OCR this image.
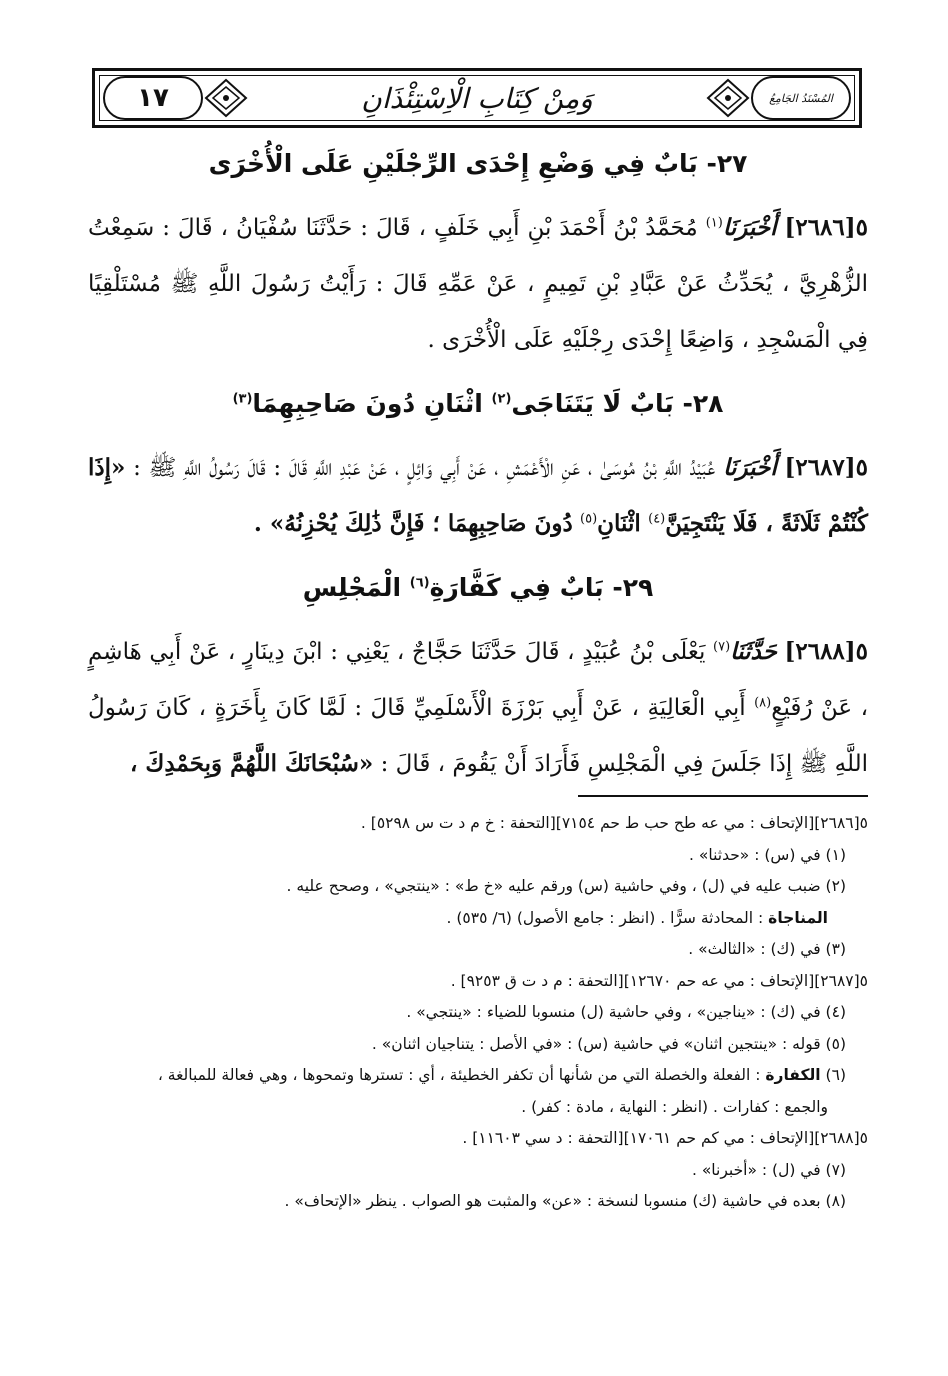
١٧	وَمِنْ كِتَابِ الْاِسْتِئْذَانِ	المُسْنَدُ الجَامِعُ
٢٧- بَابٌ فِي وَضْعِ إِحْدَى الرِّجْلَيْنِ عَلَى الْأُخْرَى

٥[٢٦٨٦] أَخْبَرَنَا$^{(١)}$ مُحَمَّدُ بْنُ أَحْمَدَ بْنِ أَبِي خَلَفٍ ، قَالَ : حَدَّثَنَا سُفْيَانُ ، قَالَ : سَمِعْتُ الزُّهْرِيَّ ، يُحَدِّثُ عَنْ عَبَّادِ بْنِ تَمِيمٍ ، عَنْ عَمِّهِ قَالَ : رَأَيْتُ رَسُولَ اللَّهِ ﷺ مُسْتَلْقِيًا فِي الْمَسْجِدِ ، وَاضِعًا إِحْدَى رِجْلَيْهِ عَلَى الْأُخْرَى .

٢٨- بَابٌ لَا يَتَنَاجَى$^{(٢)}$ اثْنَانِ دُونَ صَاحِبِهِمَا$^{(٣)}$

٥[٢٦٨٧] أَخْبَرَنَا عُبَيْدُ اللَّهِ بْنُ مُوسَىٰ ، عَنِ الْأَعْمَشِ ، عَنْ أَبِي وَائِلٍ ، عَنْ عَبْدِ اللَّهِ قَالَ : قَالَ رَسُولُ اللَّهِ ﷺ : «إِذَا كُنْتُمْ ثَلَاثَةً ، فَلَا يَنْتَجِيَنَّ$^{(٤)}$ اثْنَانِ$^{(٥)}$ دُونَ صَاحِبِهِمَا ؛ فَإِنَّ ذَٰلِكَ يُحْزِنُهُ» .

٢٩- بَابٌ فِي كَفَّارَةِ$^{(٦)}$ الْمَجْلِسِ

٥[٢٦٨٨] حَدَّثَنَا$^{(٧)}$ يَعْلَى بْنُ عُبَيْدٍ ، قَالَ حَدَّثَنَا حَجَّاجٌ ، يَعْنِي : ابْنَ دِينَارٍ ، عَنْ أَبِي هَاشِمٍ ، عَنْ رُفَيْعٍ$^{(٨)}$ أَبِي الْعَالِيَةِ ، عَنْ أَبِي بَرْزَةَ الْأَسْلَمِيِّ قَالَ : لَمَّا كَانَ بِأَخَرَةٍ ، كَانَ رَسُولُ اللَّهِ ﷺ إِذَا جَلَسَ فِي الْمَجْلِسِ فَأَرَادَ أَنْ يَقُومَ ، قَالَ : «سُبْحَانَكَ اللَّهُمَّ وَبِحَمْدِكَ ،

٥[٢٦٨٦][الإتحاف : مي عه طح حب ط حم ٧١٥٤][التحفة : خ م د ت س ٥٢٩٨] .

(١) في (س) : «حدثنا» .

(٢) ضبب عليه في (ل) ، وفي حاشية (س) ورقم عليه «خ ط» : «ينتجي» ، وصحح عليه .

المناجاة : المحادثة سرًّا . (انظر : جامع الأصول) (٦/ ٥٣٥) .

(٣) في (ك) : «الثالث» .

٥[٢٦٨٧][الإتحاف : مي عه حم ١٢٦٧٠][التحفة : م د ت ق ٩٢٥٣] .

(٤) في (ك) : «يناجين» ، وفي حاشية (ل) منسوبا للضياء : «ينتجي» .

(٥) قوله : «ينتجين اثنان» في حاشية (س) : «في الأصل : يتناجيان اثنان» .

(٦) الكفارة : الفعلة والخصلة التي من شأنها أن تكفر الخطيئة ، أي : تسترها وتمحوها ، وهي فعالة للمبالغة ،

والجمع : كفارات . (انظر : النهاية ، مادة : كفر) .

٥[٢٦٨٨][الإتحاف : مي كم حم ١٧٠٦١][التحفة : د سي ١١٦٠٣] .

(٧) في (ل) : «أخبرنا» .

(٨) بعده في حاشية (ك) منسوبا لنسخة : «عن» والمثبت هو الصواب . ينظر «الإتحاف» .
